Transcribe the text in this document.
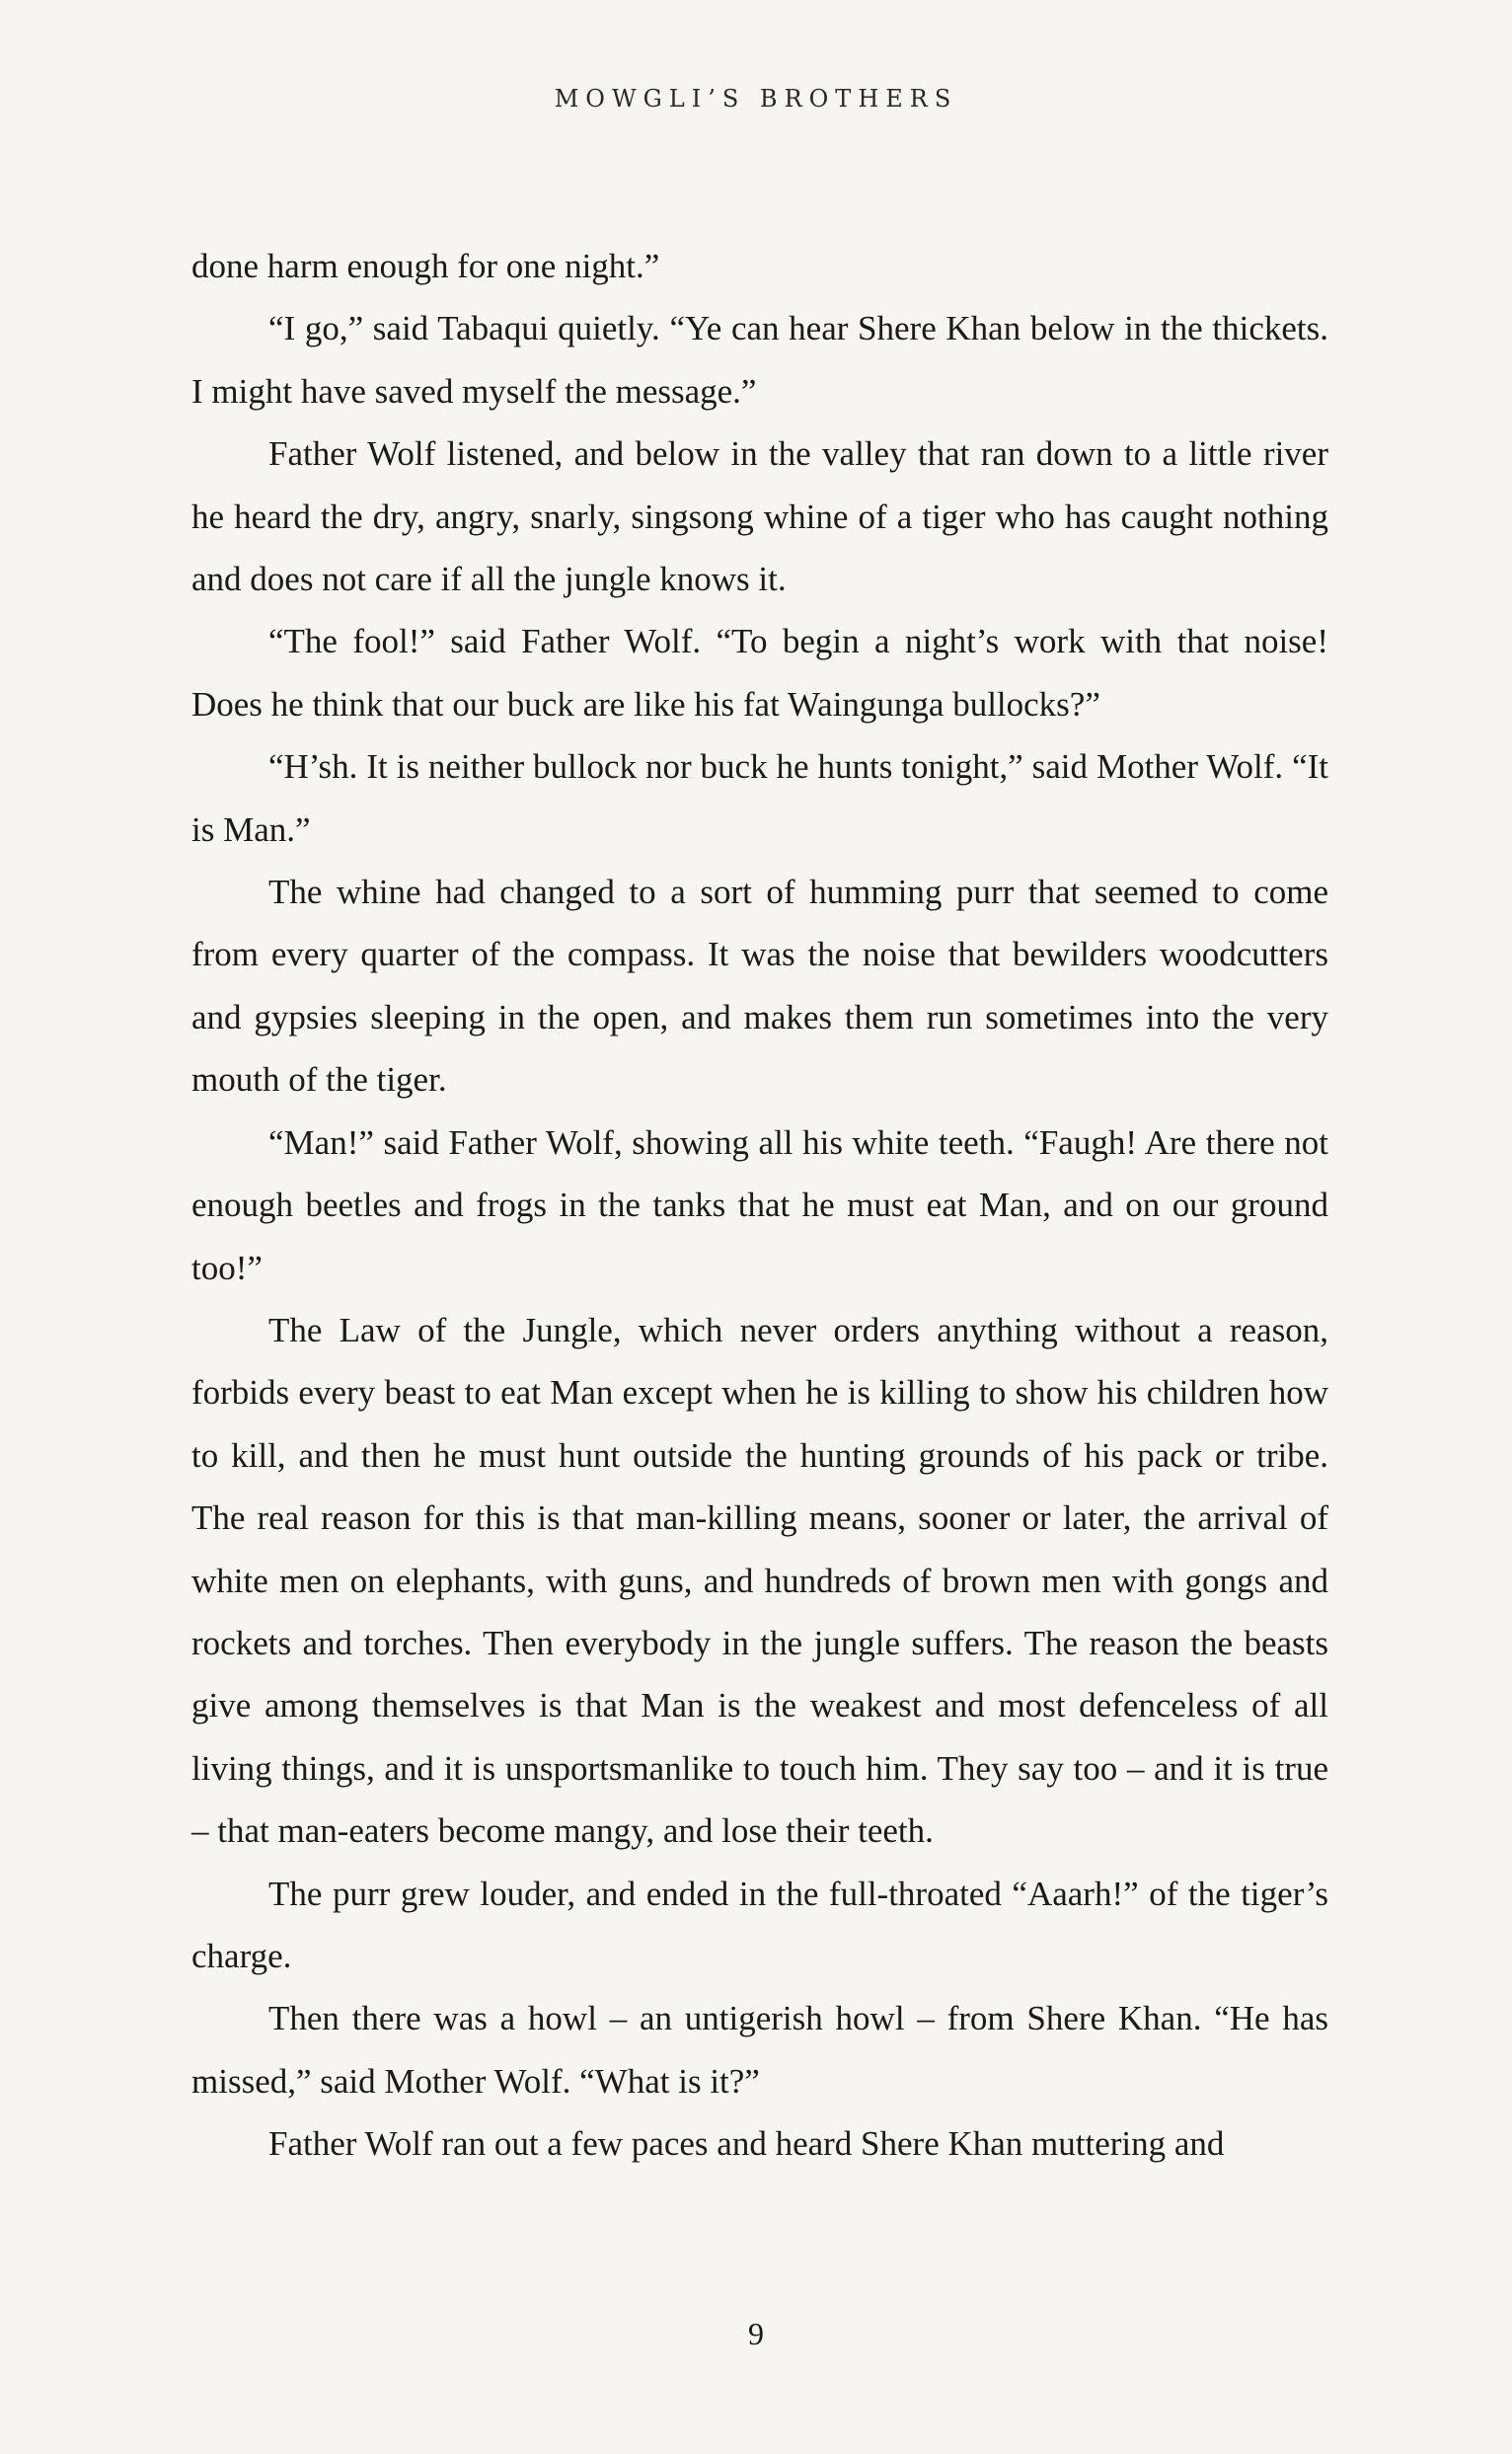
MOWGLI’S BROTHERS

done harm enough for one night.”

“I go,” said Tabaqui quietly. “Ye can hear Shere Khan below in the thickets. I might have saved myself the message.”

Father Wolf listened, and below in the valley that ran down to a little river he heard the dry, angry, snarly, singsong whine of a tiger who has caught nothing and does not care if all the jungle knows it.

“The fool!” said Father Wolf. “To begin a night’s work with that noise! Does he think that our buck are like his fat Waingunga bullocks?”

“H’sh. It is neither bullock nor buck he hunts tonight,” said Mother Wolf. “It is Man.”

The whine had changed to a sort of humming purr that seemed to come from every quarter of the compass. It was the noise that bewilders woodcutters and gypsies sleeping in the open, and makes them run sometimes into the very mouth of the tiger.

“Man!” said Father Wolf, showing all his white teeth. “Faugh! Are there not enough beetles and frogs in the tanks that he must eat Man, and on our ground too!”

The Law of the Jungle, which never orders anything without a reason, forbids every beast to eat Man except when he is killing to show his children how to kill, and then he must hunt outside the hunting grounds of his pack or tribe. The real reason for this is that man-killing means, sooner or later, the arrival of white men on elephants, with guns, and hundreds of brown men with gongs and rockets and torches. Then everybody in the jungle suffers. The reason the beasts give among themselves is that Man is the weakest and most defenceless of all living things, and it is unsportsmanlike to touch him. They say too – and it is true – that man-eaters become mangy, and lose their teeth.

The purr grew louder, and ended in the full-throated “Aaarh!” of the tiger’s charge.

Then there was a howl – an untigerish howl – from Shere Khan. “He has missed,” said Mother Wolf. “What is it?”

Father Wolf ran out a few paces and heard Shere Khan muttering and

9
